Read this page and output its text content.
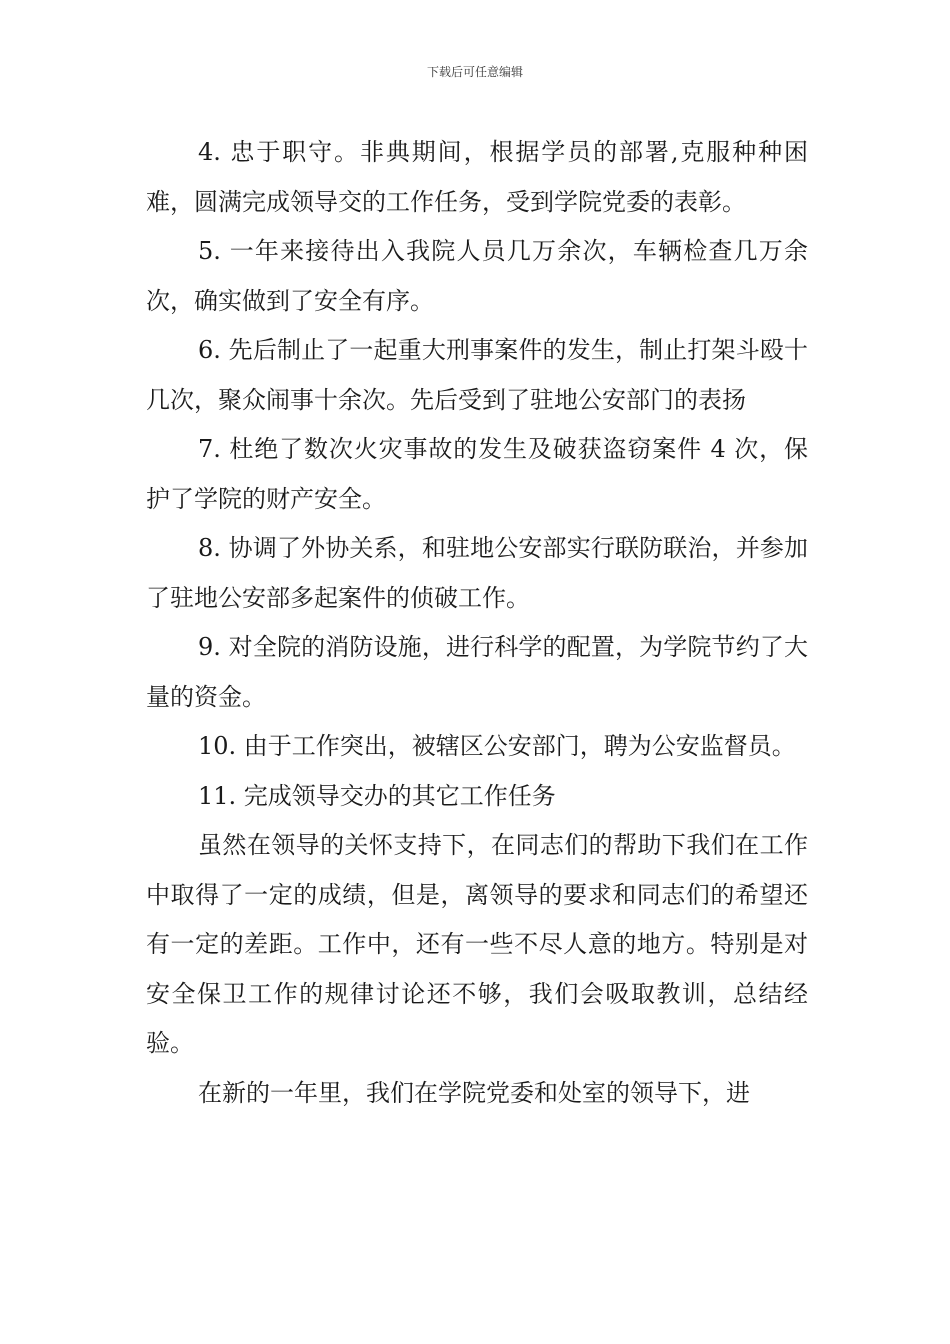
下载后可任意编辑

4. 忠于职守。非典期间，根据学员的部署,克服种种困难，圆满完成领导交的工作任务，受到学院党委的表彰。

5. 一年来接待出入我院人员几万余次，车辆检查几万余次，确实做到了安全有序。

6. 先后制止了一起重大刑事案件的发生，制止打架斗殴十几次，聚众闹事十余次。先后受到了驻地公安部门的表扬

7. 杜绝了数次火灾事故的发生及破获盗窃案件 4 次，保护了学院的财产安全。

8. 协调了外协关系，和驻地公安部实行联防联治，并参加了驻地公安部多起案件的侦破工作。

9. 对全院的消防设施，进行科学的配置，为学院节约了大量的资金。

10. 由于工作突出，被辖区公安部门，聘为公安监督员。

11. 完成领导交办的其它工作任务

虽然在领导的关怀支持下，在同志们的帮助下我们在工作中取得了一定的成绩，但是，离领导的要求和同志们的希望还有一定的差距。工作中，还有一些不尽人意的地方。特别是对安全保卫工作的规律讨论还不够，我们会吸取教训，总结经验。

在新的一年里，我们在学院党委和处室的领导下，进
